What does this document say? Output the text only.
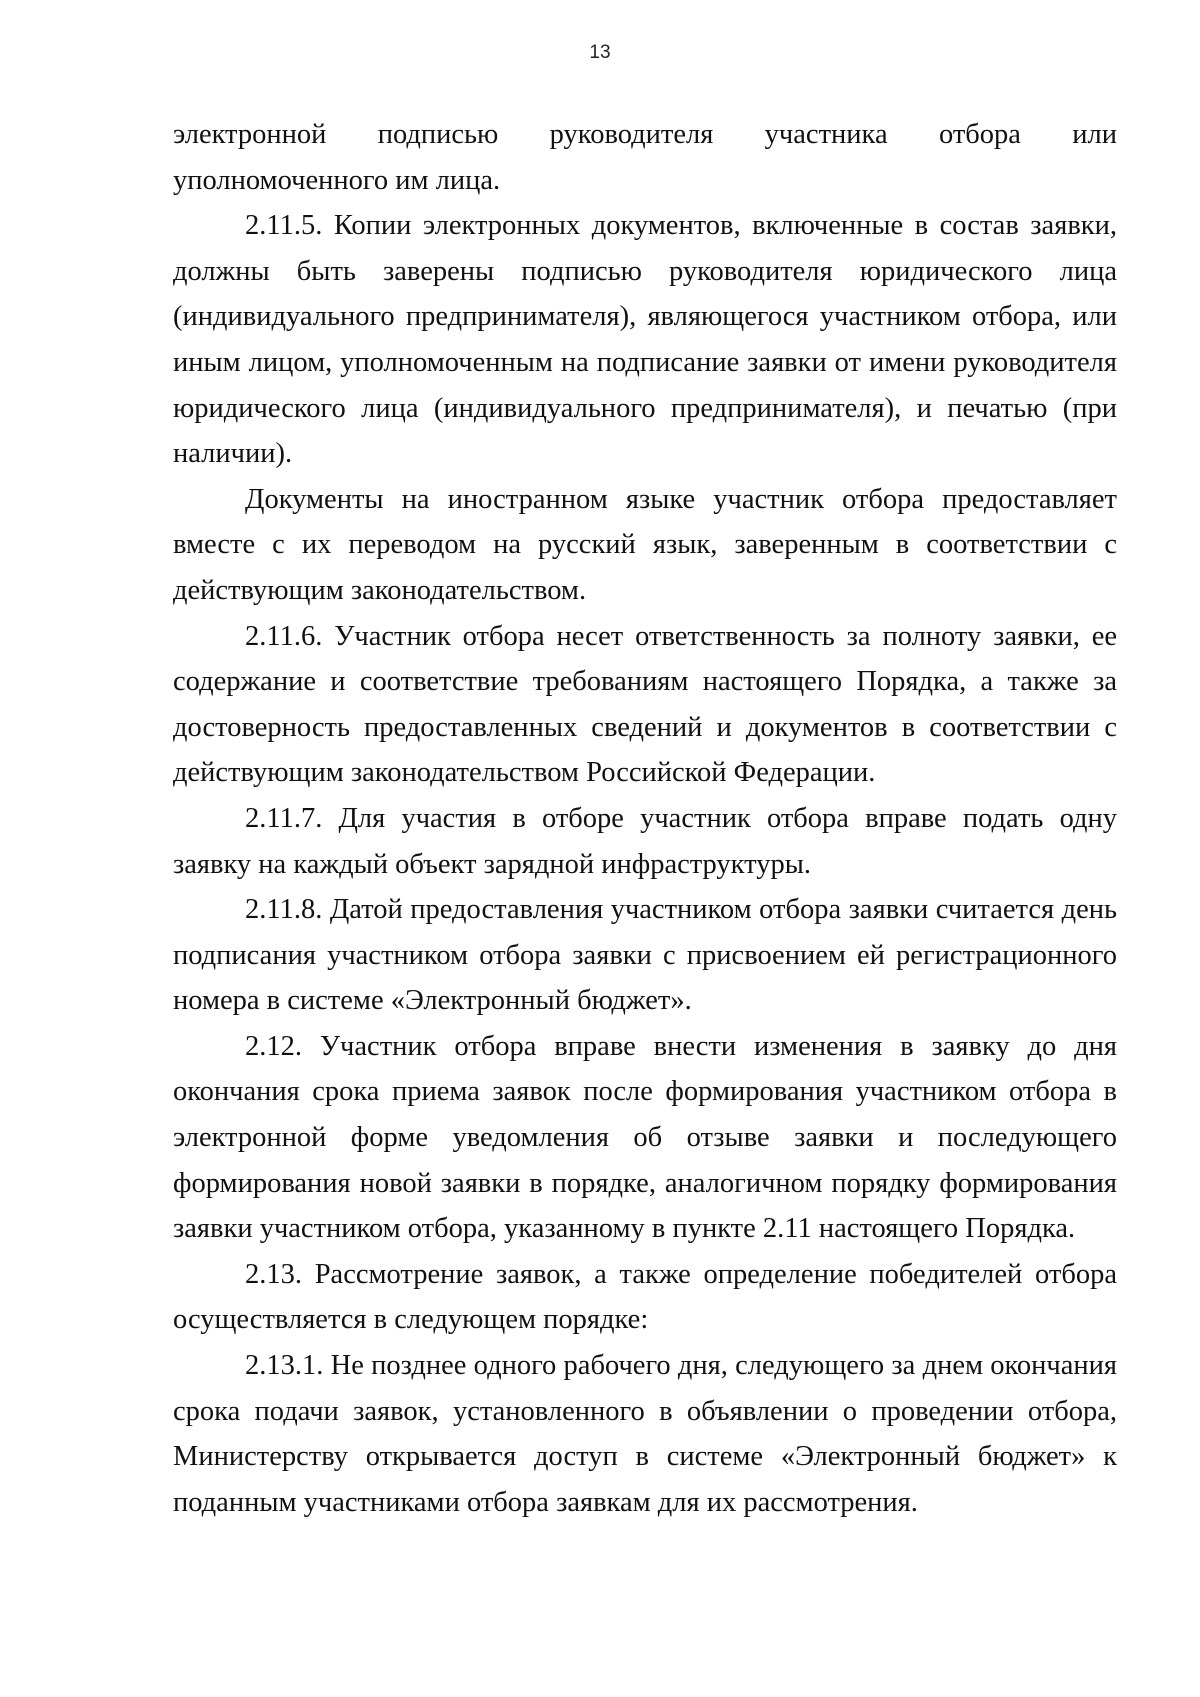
13

электронной подписью руководителя участника отбора или уполномоченного им лица.

2.11.5. Копии электронных документов, включенные в состав заявки, должны быть заверены подписью руководителя юридического лица (индивидуального предпринимателя), являющегося участником отбора, или иным лицом, уполномоченным на подписание заявки от имени руководителя юридического лица (индивидуального предпринимателя), и печатью (при наличии).

Документы на иностранном языке участник отбора предоставляет вместе с их переводом на русский язык, заверенным в соответствии с действующим законодательством.

2.11.6. Участник отбора несет ответственность за полноту заявки, ее содержание и соответствие требованиям настоящего Порядка, а также за достоверность предоставленных сведений и документов в соответствии с действующим законодательством Российской Федерации.

2.11.7. Для участия в отборе участник отбора вправе подать одну заявку на каждый объект зарядной инфраструктуры.

2.11.8. Датой предоставления участником отбора заявки считается день подписания участником отбора заявки с присвоением ей регистрационного номера в системе «Электронный бюджет».

2.12. Участник отбора вправе внести изменения в заявку до дня окончания срока приема заявок после формирования участником отбора в электронной форме уведомления об отзыве заявки и последующего формирования новой заявки в порядке, аналогичном порядку формирования заявки участником отбора, указанному в пункте 2.11 настоящего Порядка.

2.13. Рассмотрение заявок, а также определение победителей отбора осуществляется в следующем порядке:

2.13.1. Не позднее одного рабочего дня, следующего за днем окончания срока подачи заявок, установленного в объявлении о проведении отбора, Министерству открывается доступ в системе «Электронный бюджет» к поданным участниками отбора заявкам для их рассмотрения.
